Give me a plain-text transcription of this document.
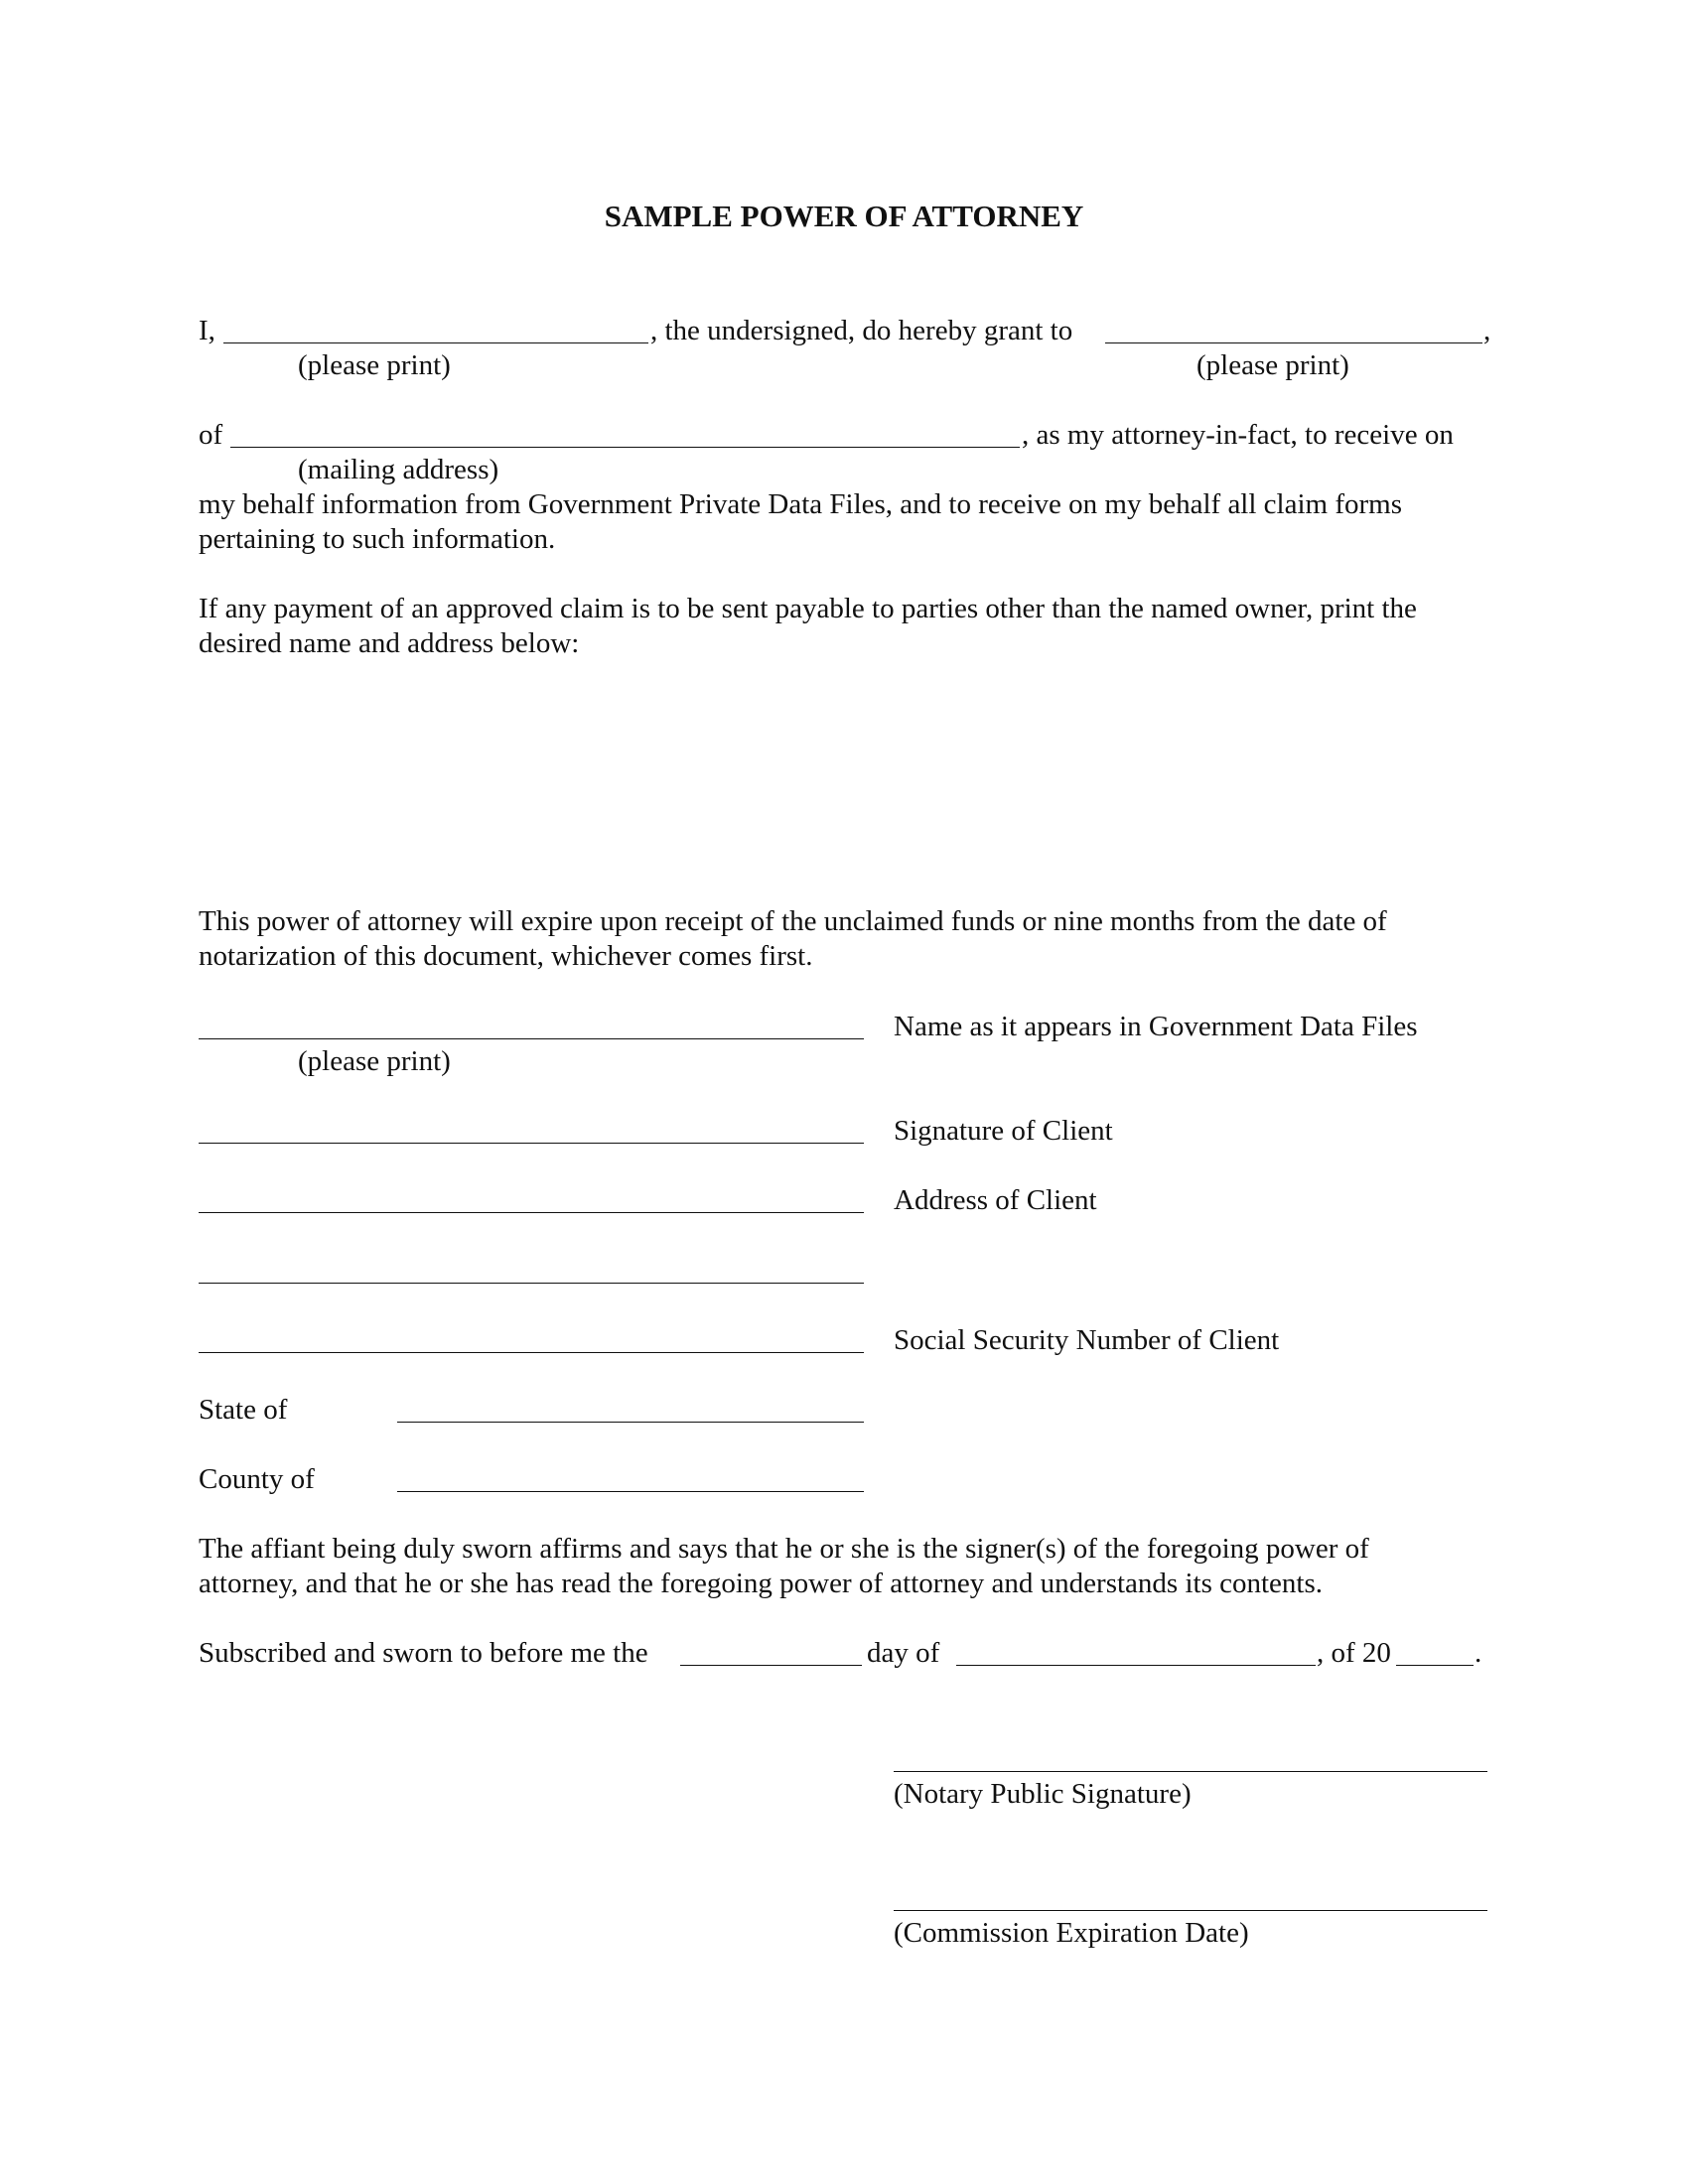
SAMPLE POWER OF ATTORNEY
I,	, the undersigned, do hereby grant to	,
(please print)	(please print)
of	, as my attorney-in-fact, to receive on
(mailing address)
my behalf information from Government Private Data Files, and to receive on my behalf all claim forms
pertaining to such information.
If any payment of an approved claim is to be sent payable to parties other than the named owner, print the
desired name and address below:
This power of attorney will expire upon receipt of the unclaimed funds or nine months from the date of
notarization of this document, whichever comes first.
Name as it appears in Government Data Files
(please print)
Signature of Client
Address of Client
Social Security Number of Client
State of
County of
The affiant being duly sworn affirms and says that he or she is the signer(s) of the foregoing power of
attorney, and that he or she has read the foregoing power of attorney and understands its contents.
Subscribed and sworn to before me the	day of	, of 20	.
(Notary Public Signature)
(Commission Expiration Date)
